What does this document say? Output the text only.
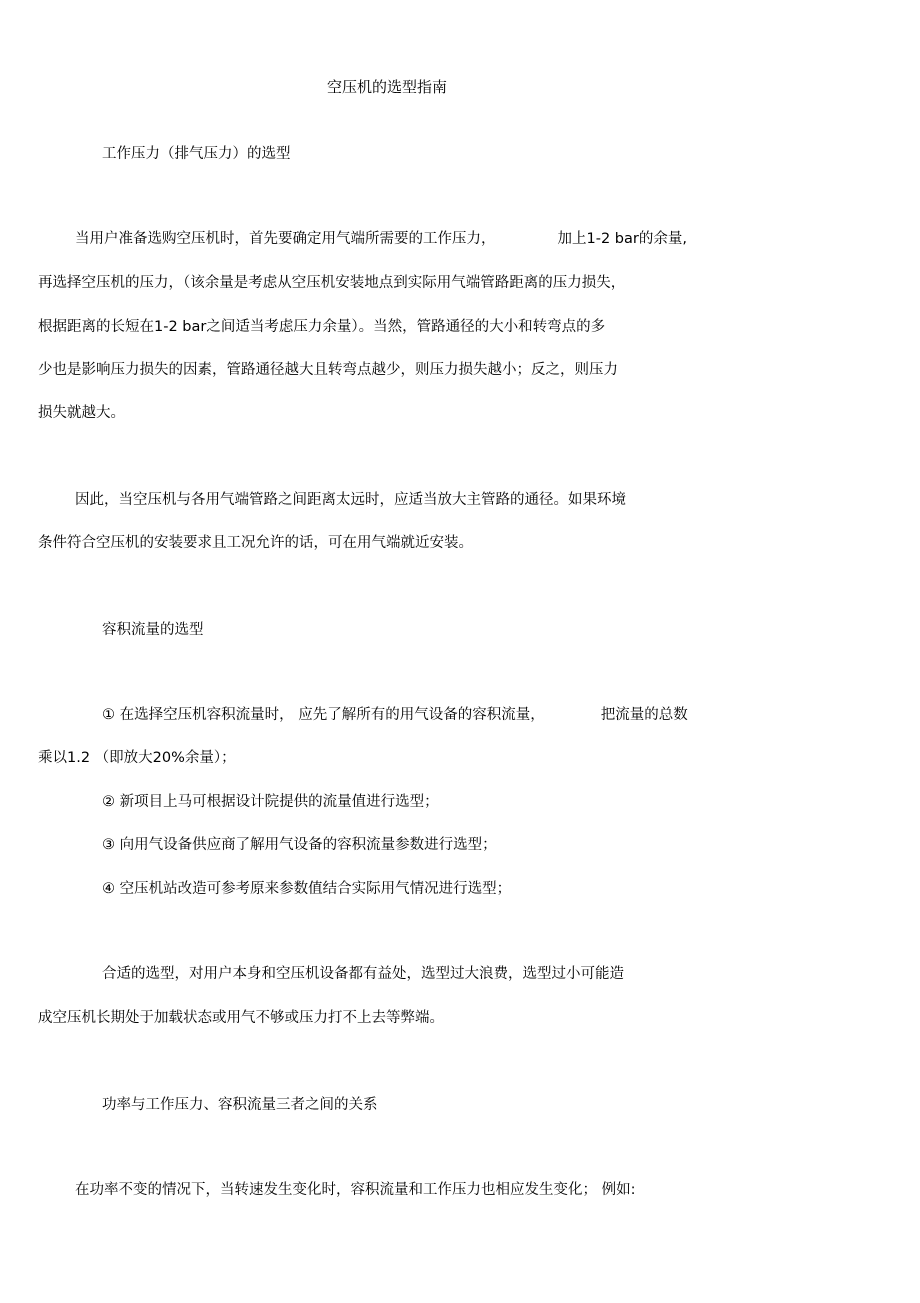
空压机的选型指南
工作压力（排气压力）的选型
当用户准备选购空压机时，首先要确定用气端所需要的工作压力，	加上1-2 bar的余量,
再选择空压机的压力，（该余量是考虑从空压机安装地点到实际用气端管路距离的压力损失，
根据距离的长短在1-2 bar之间适当考虑压力余量）。当然，管路通径的大小和转弯点的多
少也是影响压力损失的因素，管路通径越大且转弯点越少，则压力损失越小；反之，则压力
损失就越大。
因此，当空压机与各用气端管路之间距离太远时，应适当放大主管路的通径。如果环境
条件符合空压机的安装要求且工况允许的话，可在用气端就近安装。
容积流量的选型
① 在选择空压机容积流量时， 应先了解所有的用气设备的容积流量，	把流量的总数
乘以1.2 （即放大20%余量）；
② 新项目上马可根据设计院提供的流量值进行选型；
③ 向用气设备供应商了解用气设备的容积流量参数进行选型；
④ 空压机站改造可参考原来参数值结合实际用气情况进行选型；
合适的选型，对用户本身和空压机设备都有益处，选型过大浪费，选型过小可能造
成空压机长期处于加载状态或用气不够或压力打不上去等弊端。
功率与工作压力、容积流量三者之间的关系
在功率不变的情况下，当转速发生变化时，容积流量和工作压力也相应发生变化； 例如:
